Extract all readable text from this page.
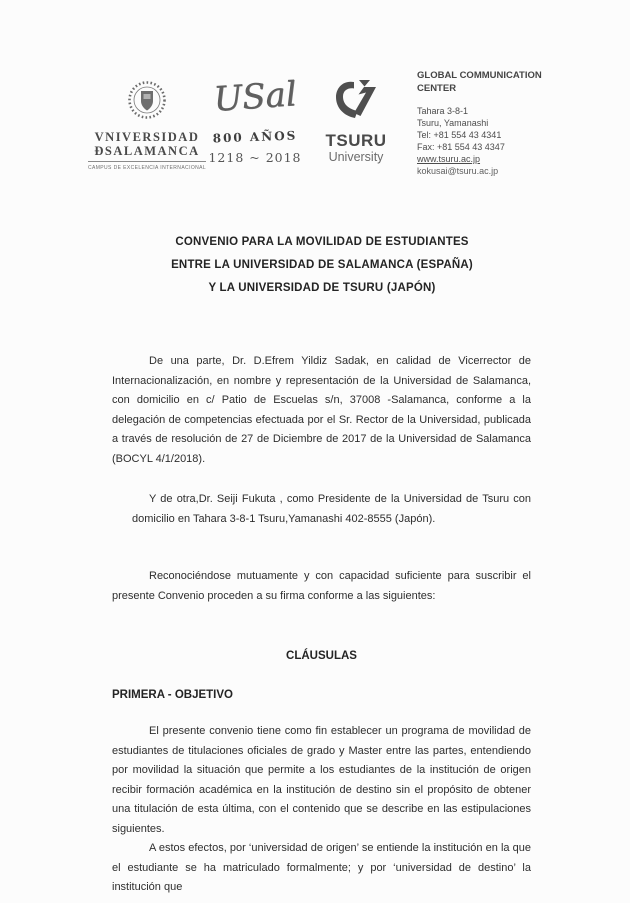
VNIVERSIDAD
ĐSALAMANCA
CAMPUS DE EXCELENCIA INTERNACIONAL
USal
800 AÑOS
1218 ~ 2018
TSURU
University
GLOBAL COMMUNICATION
CENTER
Tahara 3-8-1
Tsuru, Yamanashi
Tel: +81 554 43 4341
Fax: +81 554 43 4347
www.tsuru.ac.jp
kokusai@tsuru.ac.jp
CONVENIO PARA LA MOVILIDAD DE ESTUDIANTES
ENTRE LA UNIVERSIDAD DE SALAMANCA (ESPAÑA)
Y LA UNIVERSIDAD DE TSURU (JAPÓN)

De una parte, Dr. D.Efrem Yildiz Sadak, en calidad de Vicerrector de Internacionalización, en nombre y representación de la Universidad de Salamanca, con domicilio en c/ Patio de Escuelas s/n, 37008 -Salamanca, conforme a la delegación de competencias efectuada por el Sr. Rector de la Universidad, publicada a través de resolución de 27 de Diciembre de 2017 de la Universidad de Salamanca (BOCYL 4/1/2018).

Y de otra,Dr. Seiji Fukuta , como Presidente de la Universidad de Tsuru con domicilio en Tahara 3-8-1 Tsuru,Yamanashi 402-8555 (Japón).

Reconociéndose mutuamente y con capacidad suficiente para suscribir el presente Convenio proceden a su firma conforme a las siguientes:

CLÁUSULAS
PRIMERA - OBJETIVO

El presente convenio tiene como fin establecer un programa de movilidad de estudiantes de titulaciones oficiales de grado y Master entre las partes, entendiendo por movilidad la situación que permite a los estudiantes de la institución de origen recibir formación académica en la institución de destino sin el propósito de obtener una titulación de esta última, con el contenido que se describe en las estipulaciones siguientes.

A estos efectos, por ‘universidad de origen’ se entiende la institución en la que el estudiante se ha matriculado formalmente; y por ‘universidad de destino’ la institución que
